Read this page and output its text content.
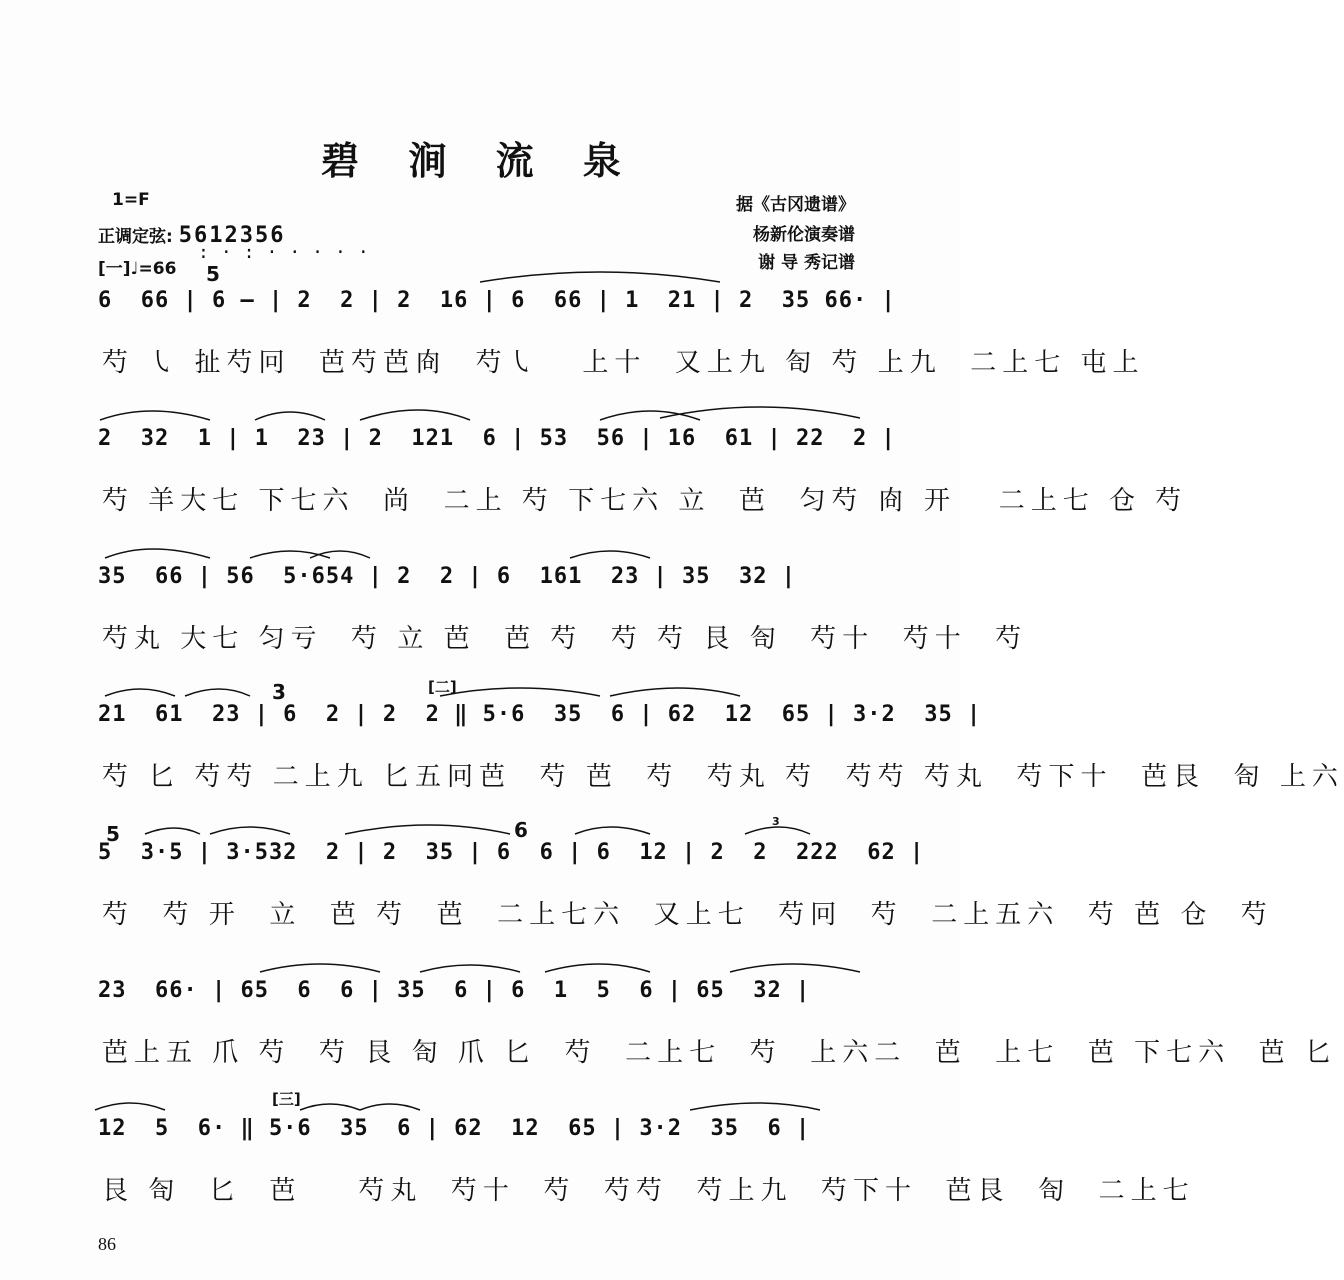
碧 涧 流 泉
1=F
正调定弦: 5612356
:·:·····
[一]♩=66
据《古冈遗谱》
杨新伦演奏谱
谢 导 秀记谱
5
3
5	6	3
[二]
[三]
6  66 | 6 — | 2  2 | 2  16 | 6  66 | 1  21 | 2  35 66· |
芍 ㇂ 扯芍冋  芭芍芭㕯  芍㇂   上十  又上九 匌 芍 上九  二上七 屯上
2  32  1 | 1  23 | 2  121  6 | 53  56 | 16  61 | 22  2 |
芍 羊大七 下七六  尚  二上 芍 下七六 立  芭  匀芍 㕯 开   二上七 仓 芍
35  66 | 56  5·654 | 2  2 | 6  161  23 | 35  32 |
芍丸 大七 匀亏  芍 立 芭  芭 芍  芍 芍 艮 匌  芍十  芍十  芍
21  61  23 | 6  2 | 2  2 ‖ 5·6  35  6 | 62  12  65 | 3·2  35 |
芍 匕 芍芍 二上九 匕五冋芭  芍 芭  芍  芍丸 芍  芍芍 芍丸  芍下十  芭艮  匌 上六
5  3·5 | 3·532  2 | 2  35 | 6  6 | 6  12 | 2  2  222  62 |
芍  芍 开  立  芭 芍  芭  二上七六  又上七  芍冋  芍  二上五六  芍 芭 仓  芍
23  66· | 65  6  6 | 35  6 | 6  1  5  6 | 65  32 |
芭上五 爪 芍  芍 艮 匌 爪 匕  芍  二上七  芍  上六二  芭  上七  芭 下七六  芭 匕
12  5  6· ‖ 5·6  35  6 | 62  12  65 | 3·2  35  6 |
艮 匌  匕  芭    芍丸  芍十  芍  芍芍  芍上九  芍下十  芭艮  匌  二上七
86
